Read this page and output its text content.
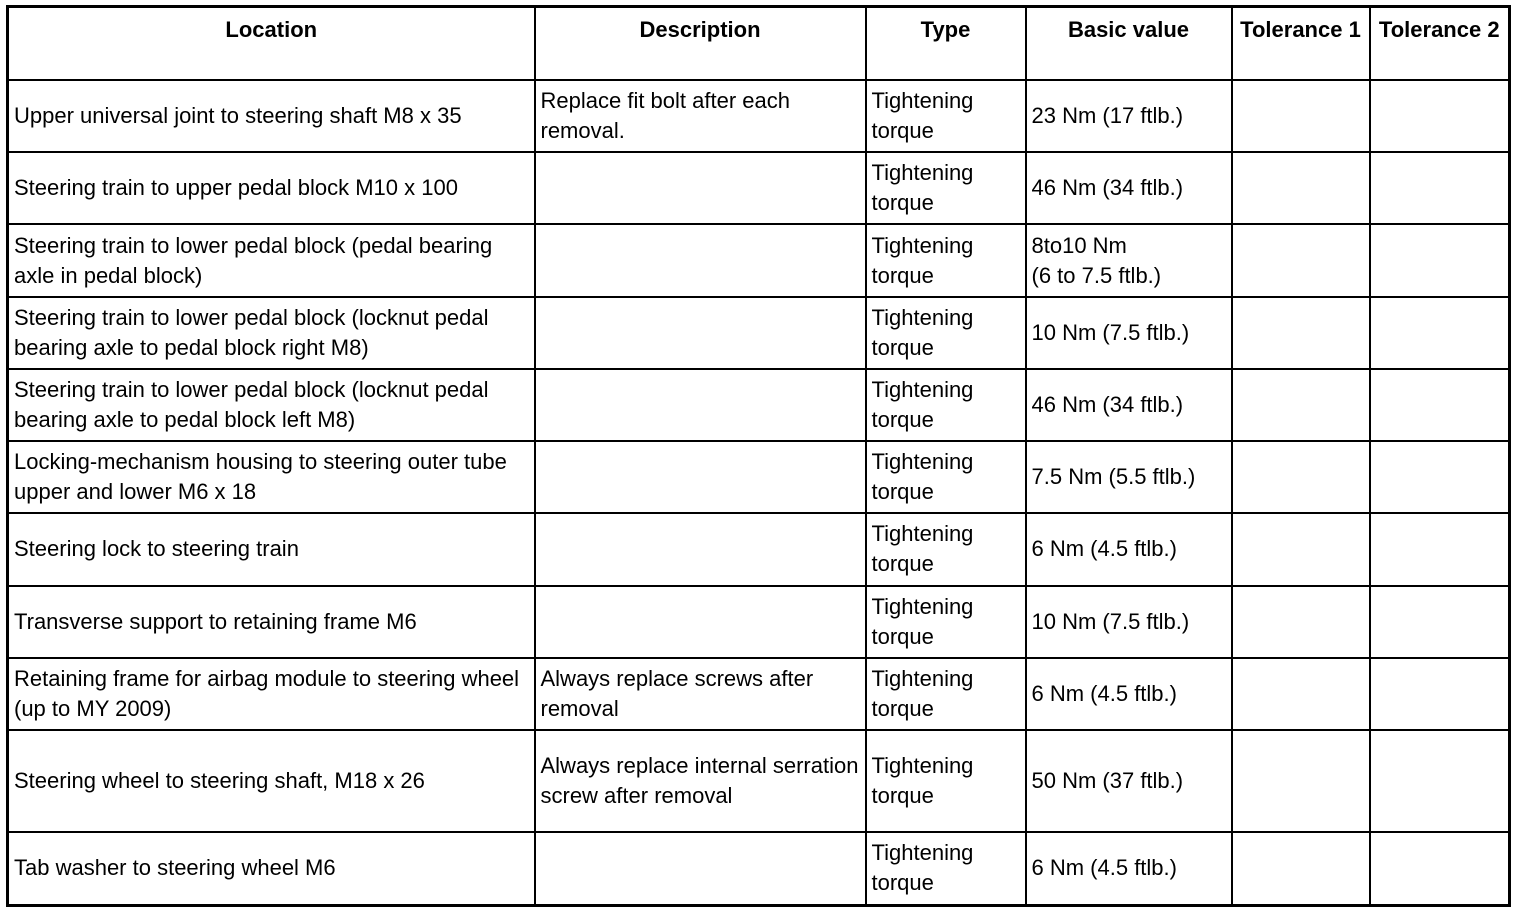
Location	Description	Type	Basic value	Tolerance 1	Tolerance 2
Upper universal joint to steering shaft M8 x 35	Replace fit bolt after each removal.	Tightening torque	23 Nm (17 ftlb.)		
Steering train to upper pedal block M10 x 100		Tightening torque	46 Nm (34 ftlb.)		
Steering train to lower pedal block (pedal bearing axle in pedal block)		Tightening torque	8to10 Nm
(6 to 7.5 ftlb.)		
Steering train to lower pedal block (locknut pedal bearing axle to pedal block right M8)		Tightening torque	10 Nm (7.5 ftlb.)		
Steering train to lower pedal block (locknut pedal bearing axle to pedal block left M8)		Tightening torque	46 Nm (34 ftlb.)		
Locking-mechanism housing to steering outer tube upper and lower M6 x 18		Tightening torque	7.5 Nm (5.5 ftlb.)		
Steering lock to steering train		Tightening torque	6 Nm (4.5 ftlb.)		
Transverse support to retaining frame M6		Tightening torque	10 Nm (7.5 ftlb.)		
Retaining frame for airbag module to steering wheel (up to MY 2009)	Always replace screws after removal	Tightening torque	6 Nm (4.5 ftlb.)		
Steering wheel to steering shaft, M18 x 26	Always replace internal serration screw after removal	Tightening torque	50 Nm (37 ftlb.)		
Tab washer to steering wheel M6		Tightening torque	6 Nm (4.5 ftlb.)		
